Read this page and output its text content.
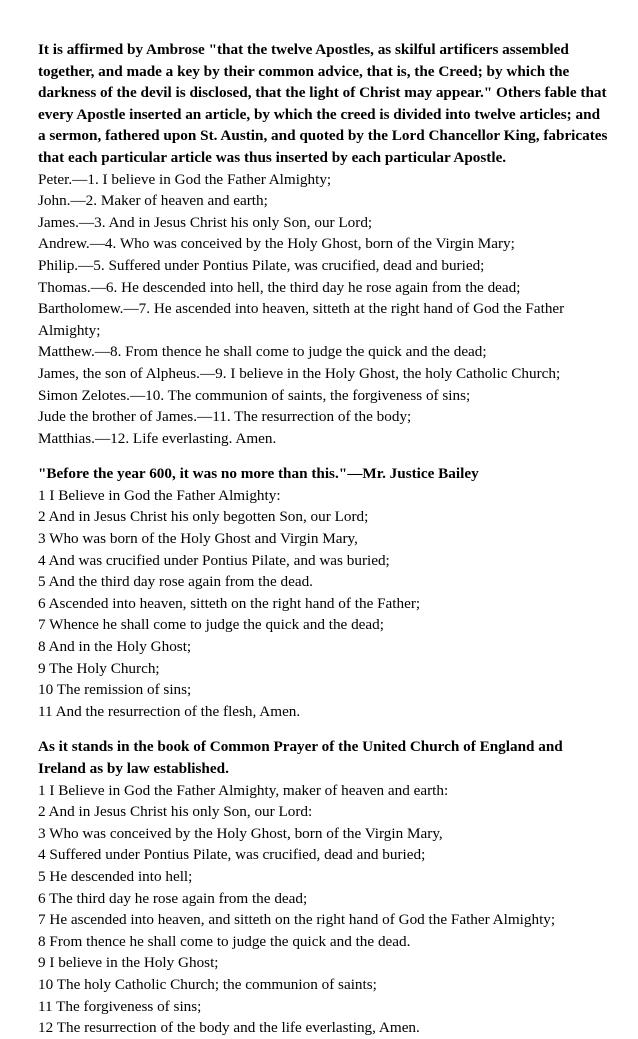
It is affirmed by Ambrose "that the twelve Apostles, as skilful artificers assembled together, and made a key by their common advice, that is, the Creed; by which the darkness of the devil is disclosed, that the light of Christ may appear." Others fable that every Apostle inserted an article, by which the creed is divided into twelve articles; and a sermon, fathered upon St. Austin, and quoted by the Lord Chancellor King, fabricates that each particular article was thus inserted by each particular Apostle.

Peter.—1. I believe in God the Father Almighty;

John.—2. Maker of heaven and earth;

James.—3. And in Jesus Christ his only Son, our Lord;

Andrew.—4. Who was conceived by the Holy Ghost, born of the Virgin Mary;

Philip.—5. Suffered under Pontius Pilate, was crucified, dead and buried;

Thomas.—6. He descended into hell, the third day he rose again from the dead;

Bartholomew.—7. He ascended into heaven, sitteth at the right hand of God the Father Almighty;

Matthew.—8. From thence he shall come to judge the quick and the dead;

James, the son of Alpheus.—9. I believe in the Holy Ghost, the holy Catholic Church;

Simon Zelotes.—10. The communion of saints, the forgiveness of sins;

Jude the brother of James.—11. The resurrection of the body;

Matthias.—12. Life everlasting. Amen.

"Before the year 600, it was no more than this."—Mr. Justice Bailey

1 I Believe in God the Father Almighty:

2 And in Jesus Christ his only begotten Son, our Lord;

3 Who was born of the Holy Ghost and Virgin Mary,

4 And was crucified under Pontius Pilate, and was buried;

5 And the third day rose again from the dead.

6 Ascended into heaven, sitteth on the right hand of the Father;

7 Whence he shall come to judge the quick and the dead;

8 And in the Holy Ghost;

9 The Holy Church;

10 The remission of sins;

11 And the resurrection of the flesh, Amen.

As it stands in the book of Common Prayer of the United Church of England and Ireland as by law established.

1 I Believe in God the Father Almighty, maker of heaven and earth:

2 And in Jesus Christ his only Son, our Lord:

3 Who was conceived by the Holy Ghost, born of the Virgin Mary,

4 Suffered under Pontius Pilate, was crucified, dead and buried;

5 He descended into hell;

6 The third day he rose again from the dead;

7 He ascended into heaven, and sitteth on the right hand of God the Father Almighty;

8 From thence he shall come to judge the quick and the dead.

9 I believe in the Holy Ghost;

10 The holy Catholic Church; the communion of saints;

11 The forgiveness of sins;

12 The resurrection of the body and the life everlasting, Amen.
